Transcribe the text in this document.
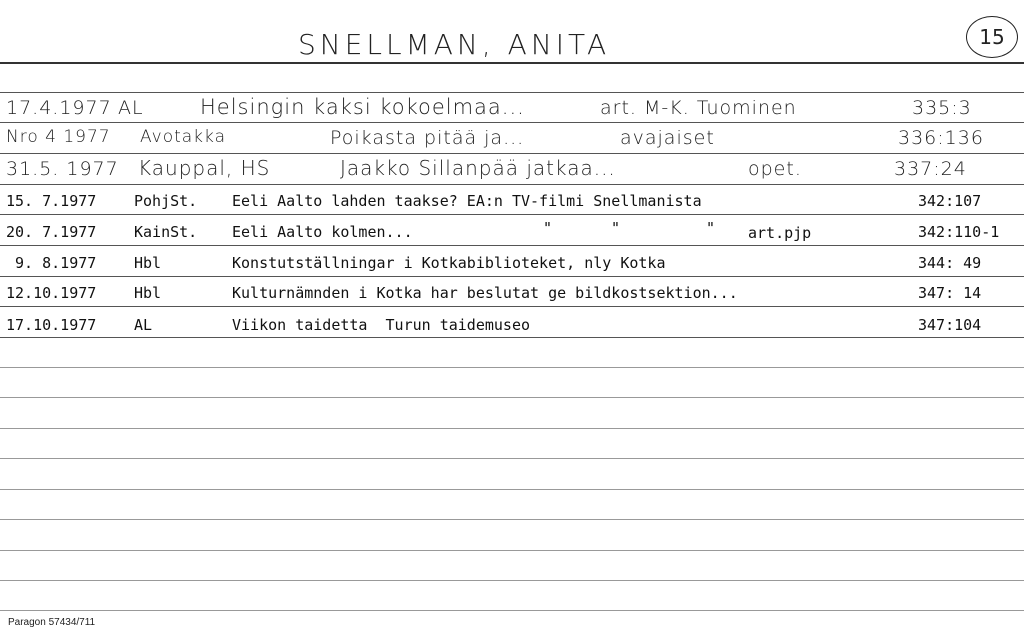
SNELLMAN, ANITA	15
17.4.1977 AL	Helsingin kaksi kokoelmaa...	art. M-K. Tuominen	335:3
Nro 4 1977 Avotakka	Poikasta pitää ja...	avajaiset	336:136
31.5. 1977 Kauppal, HS	Jaakko Sillanpää jatkaa...	opet.	337:24
15. 7.1977	PohjSt. Eeli Aalto lahden taakse? EA:n TV-filmi Snellmanista	342:107
20. 7.1977	KainSt. Eeli Aalto kolmen...	"	"	" art.pjp	342:110-1
9. 8.1977	Hbl	Konstutställningar i Kotkabiblioteket, nly Kotka	344: 49
12.10.1977	Hbl	Kulturnämnden i Kotka har beslutat ge bildkostsektion...	347: 14
17.10.1977	AL	Viikon taidetta  Turun taidemuseo	347:104
Paragon 57434/711
